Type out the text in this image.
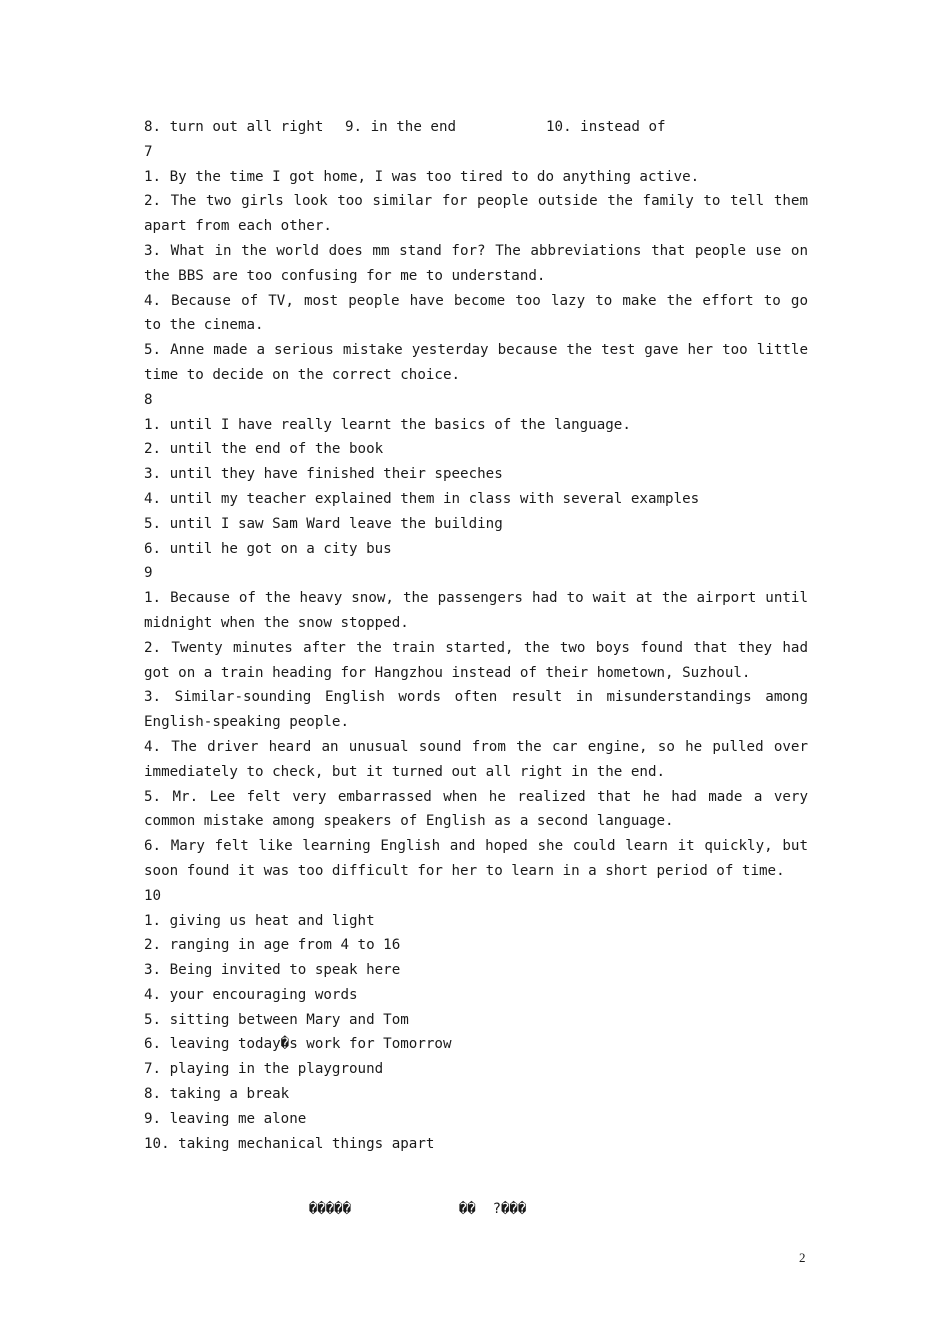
8. turn out all right	9. in the end	10. instead of
7
1. By the time I got home, I was too tired to do anything active.
2. The two girls look too similar for people outside the family to tell them apart from each other.
3. What in the world does mm stand for? The abbreviations that people use on the BBS are too confusing for me to understand.
4. Because of TV, most people have become too lazy to make the effort to go to the cinema.
5. Anne made a serious mistake yesterday because the test gave her too little time to decide on the correct choice.
8
1. until I have really learnt the basics of the language.
2. until the end of the book
3. until they have finished their speeches
4. until my teacher explained them in class with several examples
5. until I saw Sam Ward leave the building
6. until he got on a city bus
9
1. Because of the heavy snow, the passengers had to wait at the airport until midnight when the snow stopped.
2. Twenty minutes after the train started, the two boys found that they had got on a train heading for Hangzhou instead of their hometown, Suzhoul.
3. Similar-sounding English words often result in misunderstandings among English-speaking people.
4. The driver heard an unusual sound from the car engine, so he pulled over immediately to check, but it turned out all right in the end.
5. Mr. Lee felt very embarrassed when he realized that he had made a very common mistake among speakers of English as a second language.
6. Mary felt like learning English and hoped she could learn it quickly, but soon found it was too difficult for her to learn in a short period of time.
10
1. giving us heat and light
2. ranging in age from 4 to 16
3. Being invited to speak here
4. your encouraging words
5. sitting between Mary and Tom
6. leaving today�s work for Tomorrow
7. playing in the playground
8. taking a break
9. leaving me alone
10. taking mechanical things apart

�����	��  ?���

2
